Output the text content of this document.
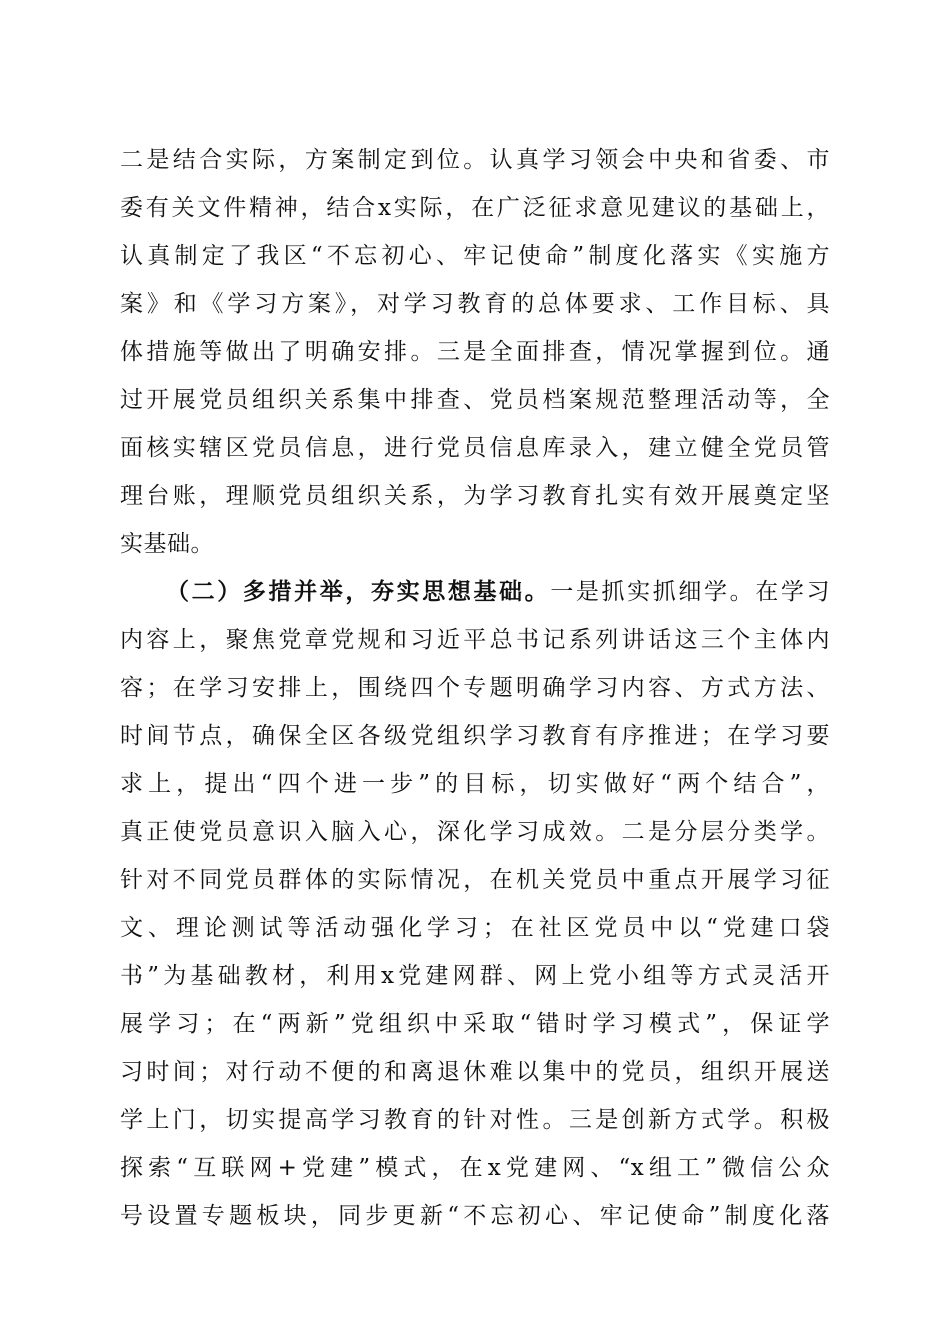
二是结合实际，方案制定到位。认真学习领会中央和省委、市
委有关文件精神，结合x实际，在广泛征求意见建议的基础上，
认真制定了我区“不忘初心、牢记使命”制度化落实《实施方
案》和《学习方案》，对学习教育的总体要求、工作目标、具
体措施等做出了明确安排。三是全面排查，情况掌握到位。通
过开展党员组织关系集中排查、党员档案规范整理活动等，全
面核实辖区党员信息，进行党员信息库录入，建立健全党员管
理台账，理顺党员组织关系，为学习教育扎实有效开展奠定坚
实基础。
（二）多措并举，夯实思想基础。一是抓实抓细学。在学习
内容上，聚焦党章党规和习近平总书记系列讲话这三个主体内
容；在学习安排上，围绕四个专题明确学习内容、方式方法、
时间节点，确保全区各级党组织学习教育有序推进；在学习要
求上，提出“四个进一步”的目标，切实做好“两个结合”，
真正使党员意识入脑入心，深化学习成效。二是分层分类学。
针对不同党员群体的实际情况，在机关党员中重点开展学习征
文、理论测试等活动强化学习；在社区党员中以“党建口袋
书”为基础教材，利用x党建网群、网上党小组等方式灵活开
展学习；在“两新”党组织中采取“错时学习模式”，保证学
习时间；对行动不便的和离退休难以集中的党员，组织开展送
学上门，切实提高学习教育的针对性。三是创新方式学。积极
探索“互联网+党建”模式，在x党建网、“x组工”微信公众
号设置专题板块，同步更新“不忘初心、牢记使命”制度化落
